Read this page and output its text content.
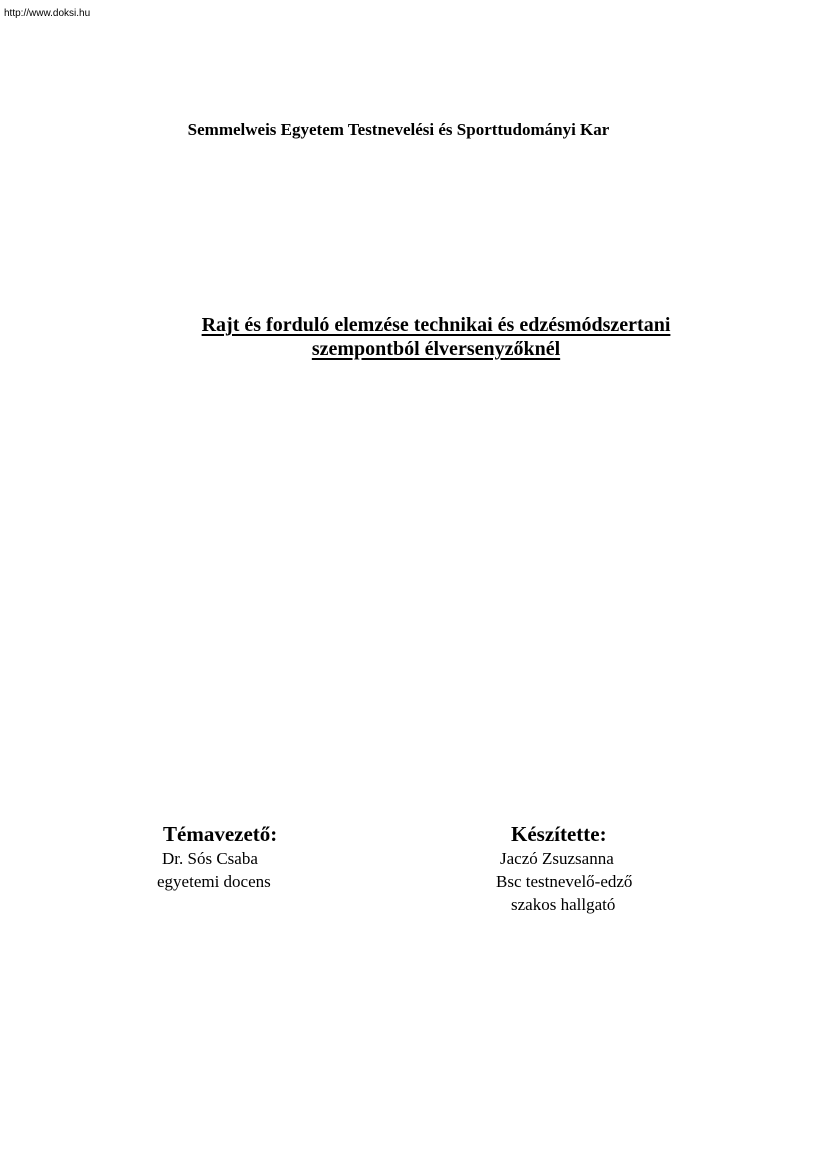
http://www.doksi.hu
Semmelweis Egyetem Testnevelési és Sporttudományi Kar
Rajt és forduló elemzése technikai és edzésmódszertani
szempontból élversenyzőknél
Témavezető:
Dr. Sós Csaba
egyetemi docens
Készítette:
Jaczó Zsuzsanna
Bsc testnevelő-edző
szakos hallgató
